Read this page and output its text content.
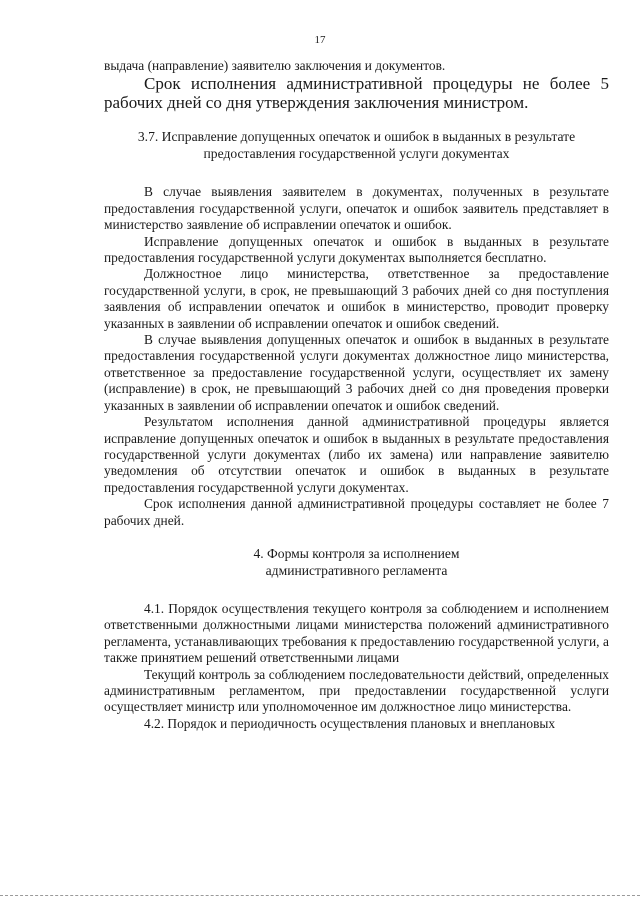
17

выдача (направление) заявителю заключения и документов.

Срок исполнения административной процедуры не более 5 рабочих дней со дня утверждения заключения министром.

3.7. Исправление допущенных опечаток и ошибок в выданных в результате предоставления государственной услуги документах

В случае выявления заявителем в документах, полученных в результате предоставления государственной услуги, опечаток и ошибок заявитель представляет в министерство заявление об исправлении опечаток и ошибок.

Исправление допущенных опечаток и ошибок в выданных в результате предоставления государственной услуги документах выполняется бесплатно.

Должностное лицо министерства, ответственное за предоставление государственной услуги, в срок, не превышающий 3 рабочих дней со дня поступления заявления об исправлении опечаток и ошибок в министерство, проводит проверку указанных в заявлении об исправлении опечаток и ошибок сведений.

В случае выявления допущенных опечаток и ошибок в выданных в результате предоставления государственной услуги документах должностное лицо министерства, ответственное за предоставление государственной услуги, осуществляет их замену (исправление) в срок, не превышающий 3 рабочих дней со дня проведения проверки указанных в заявлении об исправлении опечаток и ошибок сведений.

Результатом исполнения данной административной процедуры является исправление допущенных опечаток и ошибок в выданных в результате предоставления государственной услуги документах (либо их замена) или направление заявителю уведомления об отсутствии опечаток и ошибок в выданных в результате предоставления государственной услуги документах.

Срок исполнения данной административной процедуры составляет не более 7 рабочих дней.

4. Формы контроля за исполнением
административного регламента

4.1. Порядок осуществления текущего контроля за соблюдением и исполнением ответственными должностными лицами министерства положений административного регламента, устанавливающих требования к предоставлению государственной услуги, а также принятием решений ответственными лицами

Текущий контроль за соблюдением последовательности действий, определенных административным регламентом, при предоставлении государственной услуги осуществляет министр или уполномоченное им должностное лицо министерства.

4.2. Порядок и периодичность осуществления плановых и внеплановых
